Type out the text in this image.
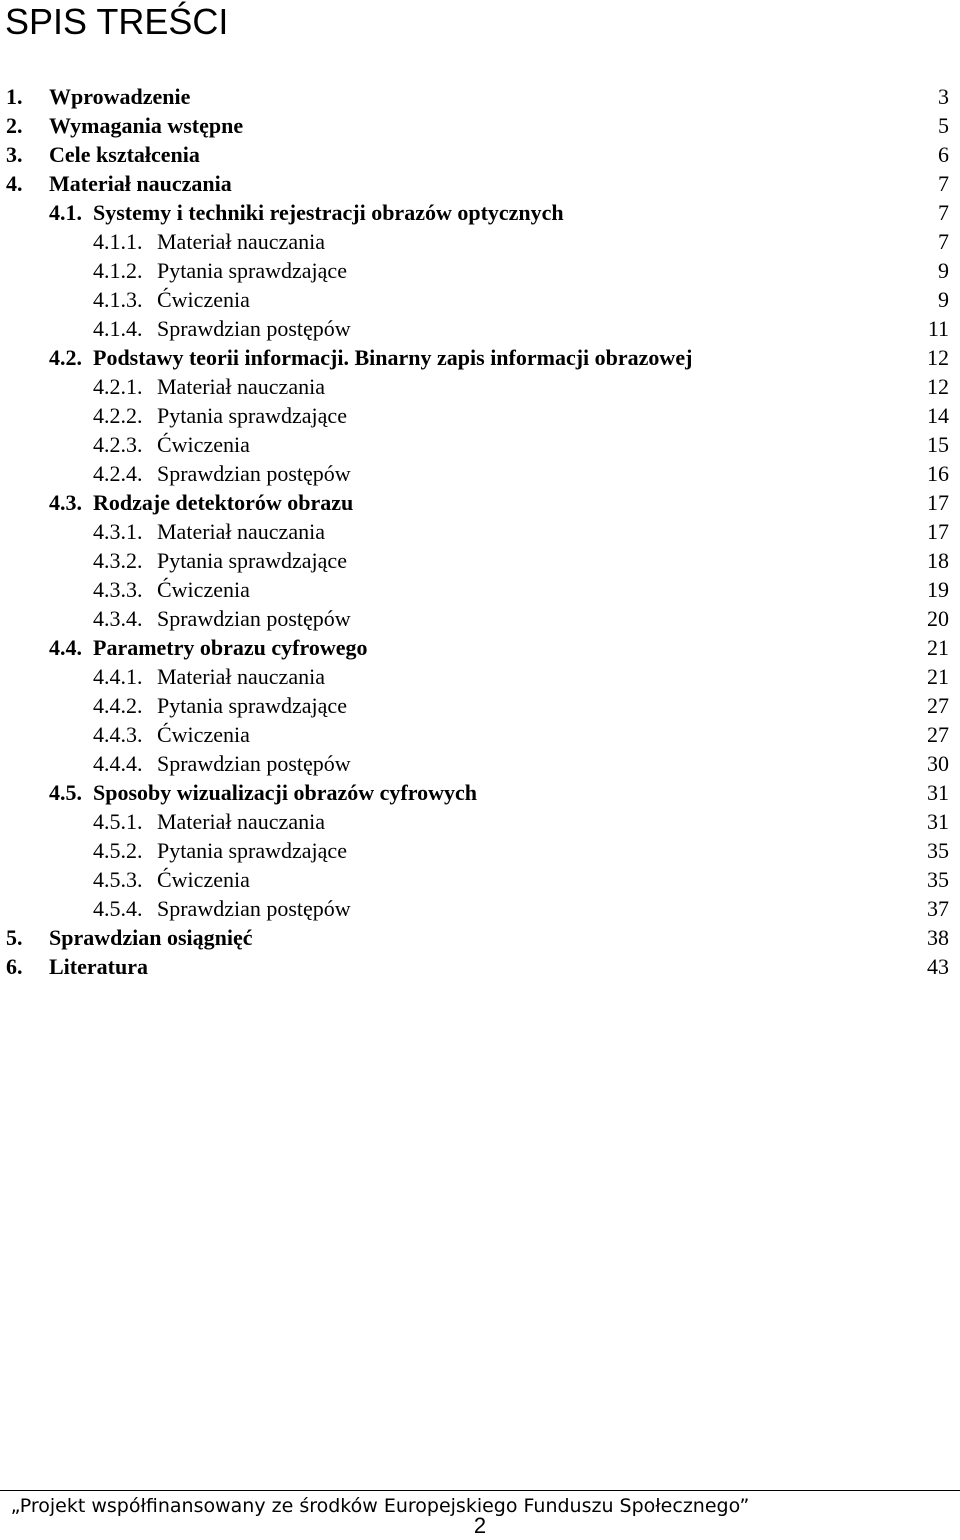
SPIS TREŚCI
1. Wprowadzenie	3
2. Wymagania wstępne	5
3. Cele kształcenia	6
4. Materiał nauczania	7
4.1. Systemy i techniki rejestracji obrazów optycznych	7
4.1.1. Materiał nauczania	7
4.1.2. Pytania sprawdzające	9
4.1.3. Ćwiczenia	9
4.1.4. Sprawdzian postępów	11
4.2. Podstawy teorii informacji. Binarny zapis informacji obrazowej	12
4.2.1. Materiał nauczania	12
4.2.2. Pytania sprawdzające	14
4.2.3. Ćwiczenia	15
4.2.4. Sprawdzian postępów	16
4.3. Rodzaje detektorów obrazu	17
4.3.1. Materiał nauczania	17
4.3.2. Pytania sprawdzające	18
4.3.3. Ćwiczenia	19
4.3.4. Sprawdzian postępów	20
4.4. Parametry obrazu cyfrowego	21
4.4.1. Materiał nauczania	21
4.4.2. Pytania sprawdzające	27
4.4.3. Ćwiczenia	27
4.4.4. Sprawdzian postępów	30
4.5. Sposoby wizualizacji obrazów cyfrowych	31
4.5.1. Materiał nauczania	31
4.5.2. Pytania sprawdzające	35
4.5.3. Ćwiczenia	35
4.5.4. Sprawdzian postępów	37
5. Sprawdzian osiągnięć	38
6. Literatura	43
„Projekt współfinansowany ze środków Europejskiego Funduszu Społecznego”
2
